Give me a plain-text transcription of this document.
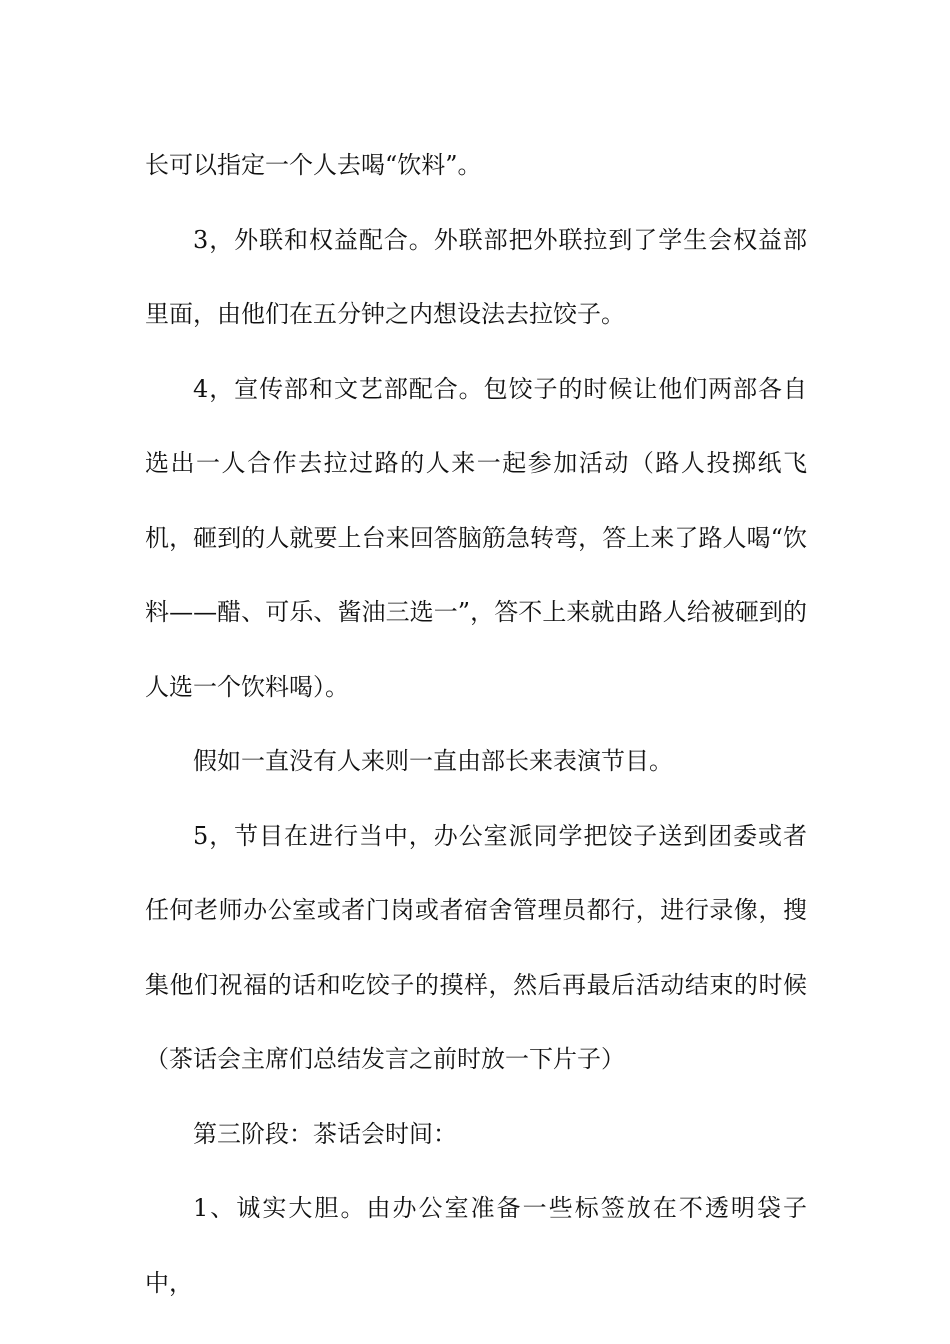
长可以指定一个人去喝“饮料”。

3，外联和权益配合。外联部把外联拉到了学生会权益部里面，由他们在五分钟之内想设法去拉饺子。

4，宣传部和文艺部配合。包饺子的时候让他们两部各自选出一人合作去拉过路的人来一起参加活动（路人投掷纸飞机，砸到的人就要上台来回答脑筋急转弯，答上来了路人喝“饮料——醋、可乐、酱油三选一”，答不上来就由路人给被砸到的人选一个饮料喝）。

假如一直没有人来则一直由部长来表演节目。

5，节目在进行当中，办公室派同学把饺子送到团委或者任何老师办公室或者门岗或者宿舍管理员都行，进行录像，搜集他们祝福的话和吃饺子的摸样，然后再最后活动结束的时候（茶话会主席们总结发言之前时放一下片子）

第三阶段：茶话会时间：

1、诚实大胆。由办公室准备一些标签放在不透明袋子中，
